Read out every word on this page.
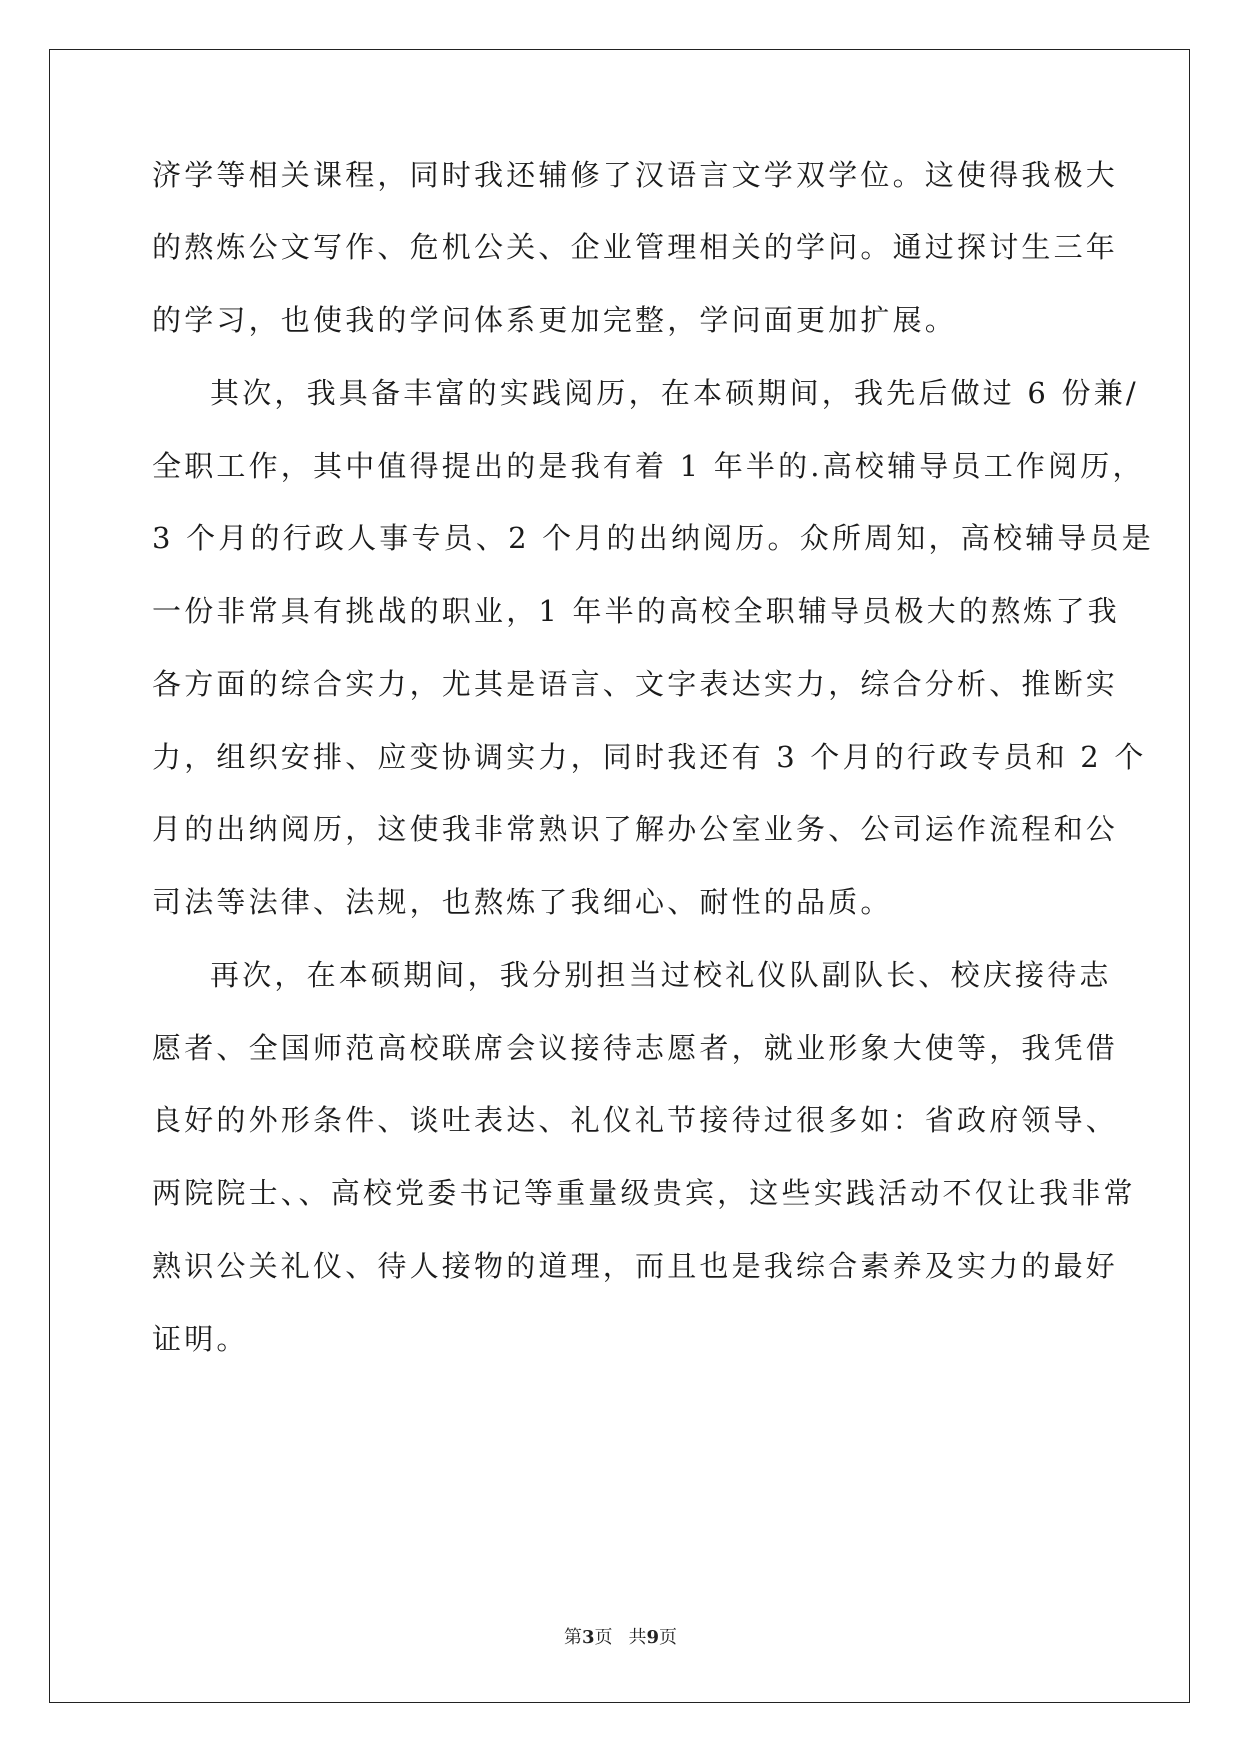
济学等相关课程，同时我还辅修了汉语言文学双学位。这使得我极大
的熬炼公文写作、危机公关、企业管理相关的学问。通过探讨生三年
的学习，也使我的学问体系更加完整，学问面更加扩展。
其次，我具备丰富的实践阅历，在本硕期间，我先后做过 6 份兼/
全职工作，其中值得提出的是我有着 1 年半的.高校辅导员工作阅历，
3 个月的行政人事专员、2 个月的出纳阅历。众所周知，高校辅导员是
一份非常具有挑战的职业，1 年半的高校全职辅导员极大的熬炼了我
各方面的综合实力，尤其是语言、文字表达实力，综合分析、推断实
力，组织安排、应变协调实力，同时我还有 3 个月的行政专员和 2 个
月的出纳阅历，这使我非常熟识了解办公室业务、公司运作流程和公
司法等法律、法规，也熬炼了我细心、耐性的品质。
再次，在本硕期间，我分别担当过校礼仪队副队长、校庆接待志
愿者、全国师范高校联席会议接待志愿者，就业形象大使等，我凭借
良好的外形条件、谈吐表达、礼仪礼节接待过很多如：省政府领导、
两院院士、、高校党委书记等重量级贵宾，这些实践活动不仅让我非常
熟识公关礼仪、待人接物的道理，而且也是我综合素养及实力的最好
证明。
第3页 共9页
